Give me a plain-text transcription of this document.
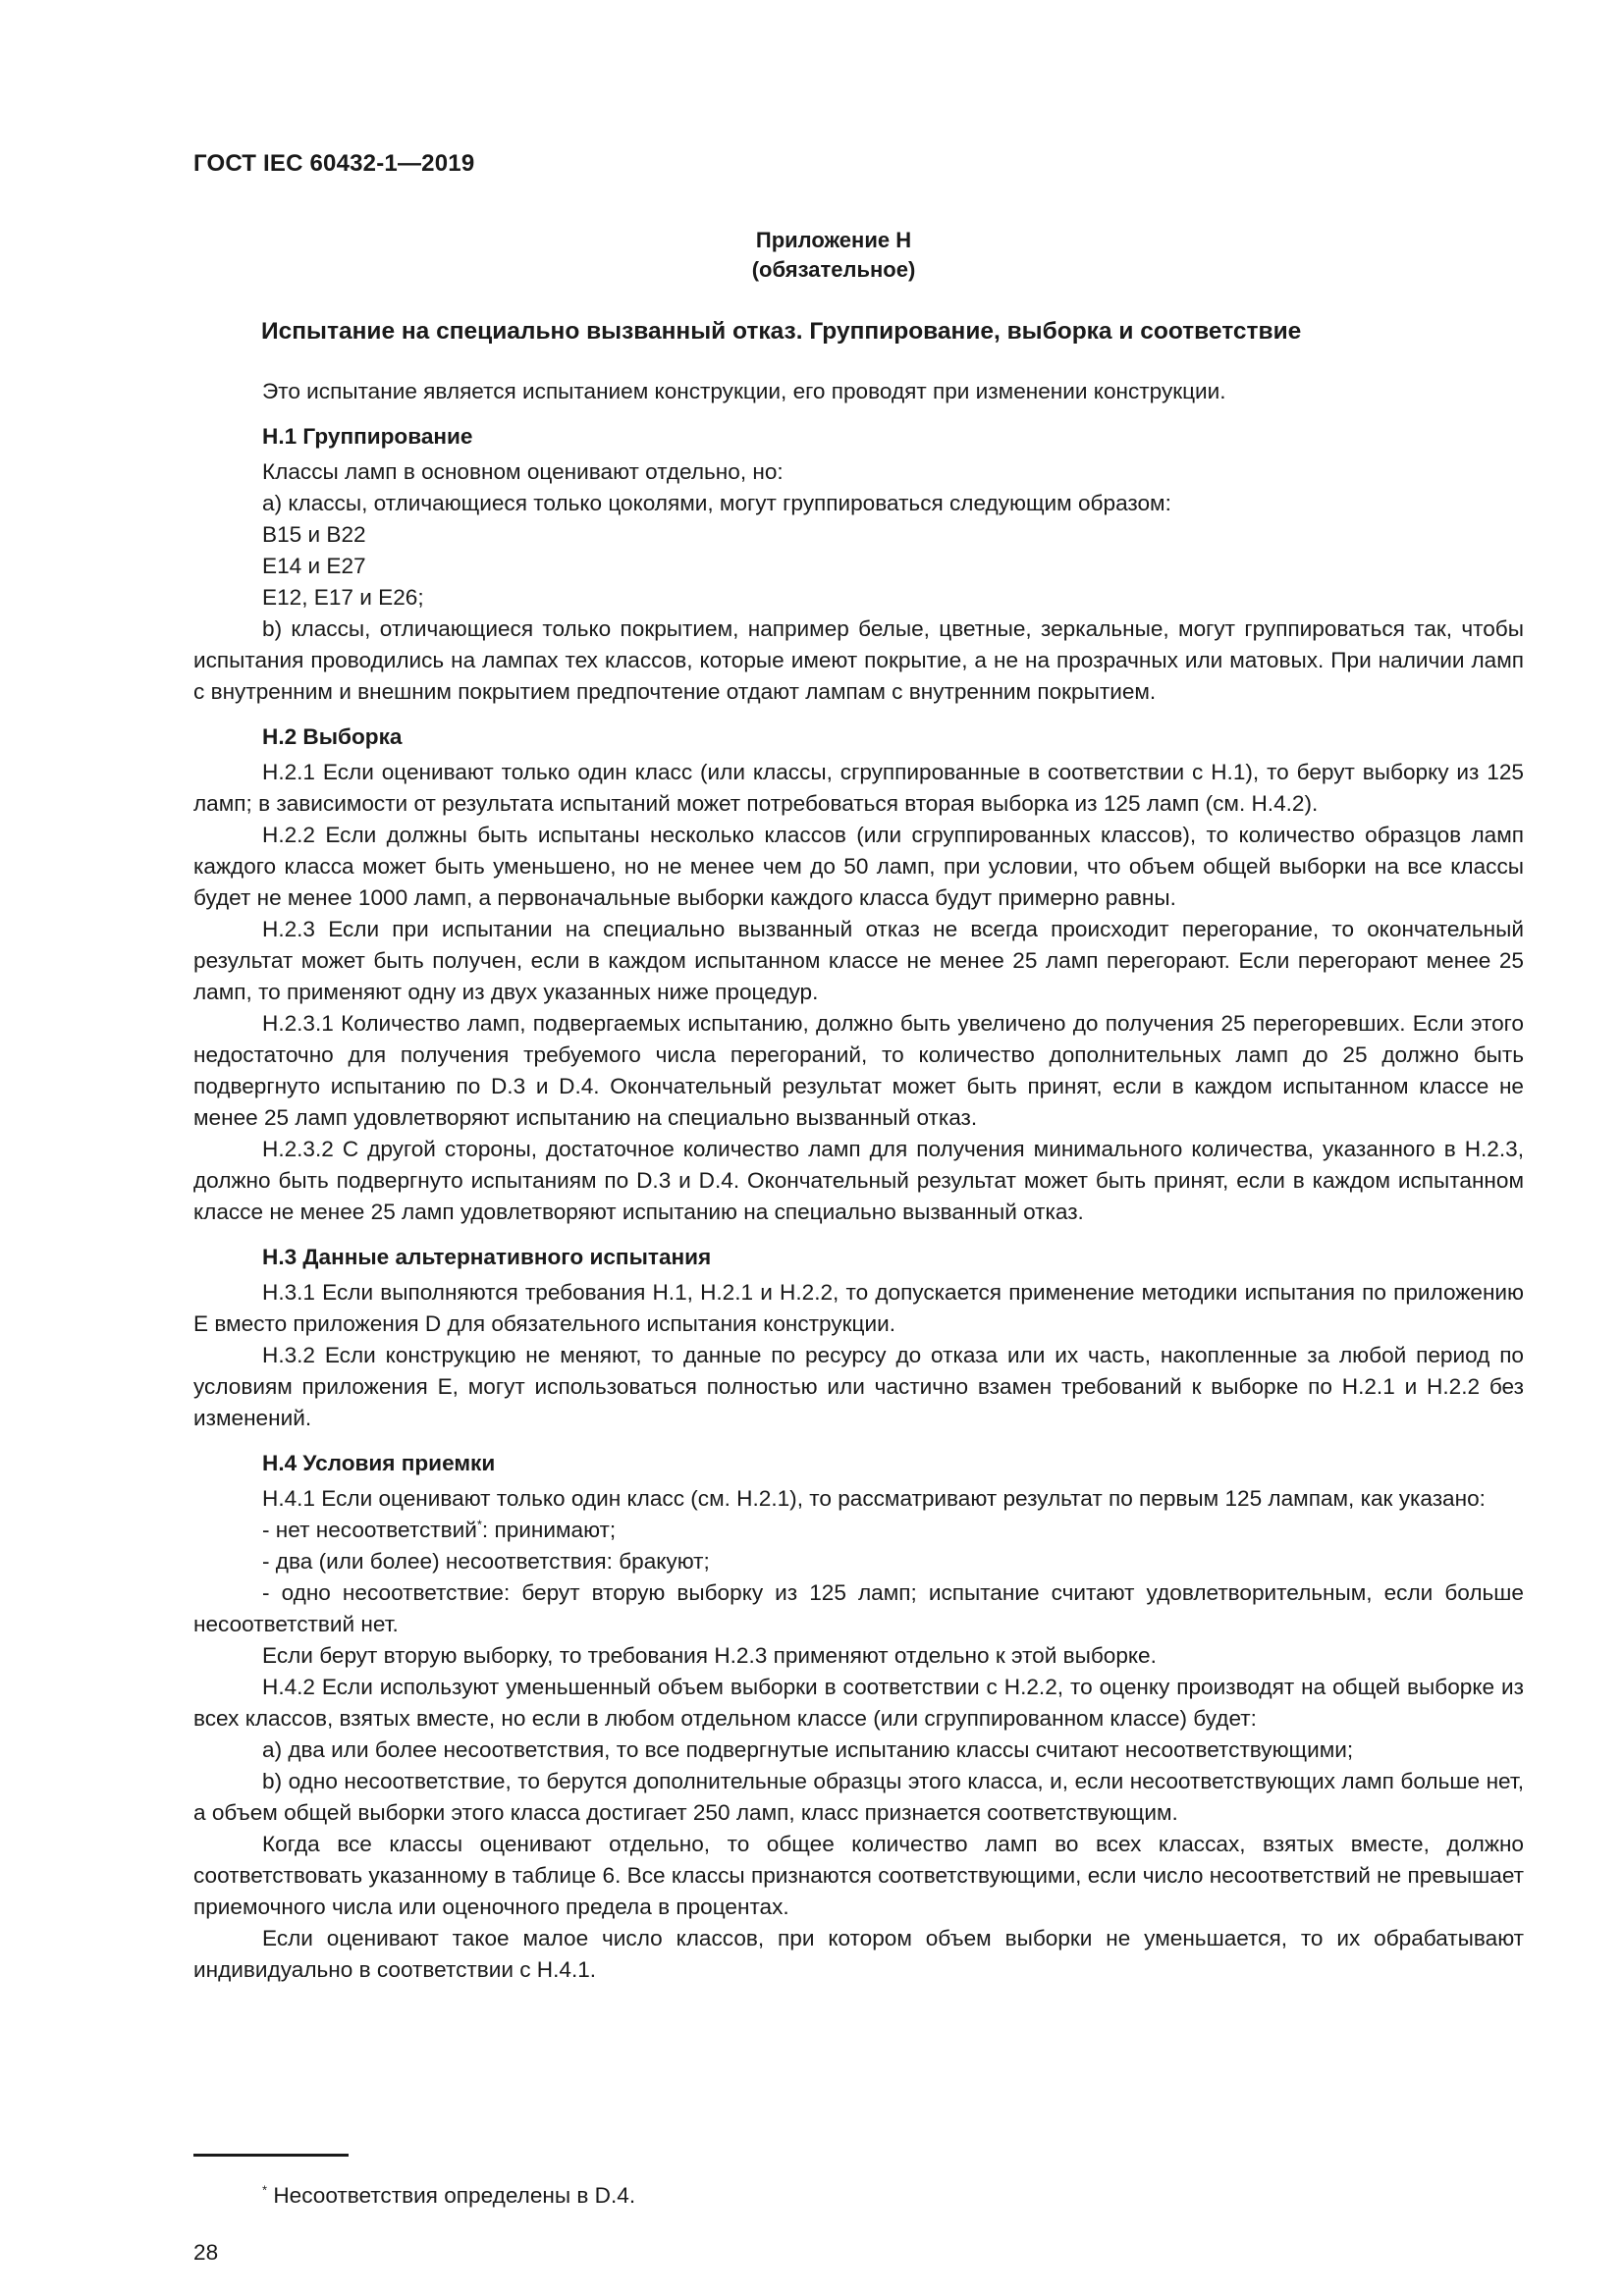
ГОСТ IEC 60432-1—2019
Приложение Н
(обязательное)
Испытание на специально вызванный отказ. Группирование, выборка и соответствие

Это испытание является испытанием конструкции, его проводят при изменении конструкции.

Н.1 Группирование

Классы ламп в основном оценивают отдельно, но:

a) классы, отличающиеся только цоколями, могут группироваться следующим образом:

В15 и В22

Е14 и Е27

Е12, Е17 и Е26;

b) классы, отличающиеся только покрытием, например белые, цветные, зеркальные, могут группироваться так, чтобы испытания проводились на лампах тех классов, которые имеют покрытие, а не на прозрачных или матовых. При наличии ламп с внутренним и внешним покрытием предпочтение отдают лампам с внутренним покрытием.

Н.2 Выборка

Н.2.1 Если оценивают только один класс (или классы, сгруппированные в соответствии с Н.1), то берут выборку из 125 ламп; в зависимости от результата испытаний может потребоваться вторая выборка из 125 ламп (см. Н.4.2).

Н.2.2 Если должны быть испытаны несколько классов (или сгруппированных классов), то количество образцов ламп каждого класса может быть уменьшено, но не менее чем до 50 ламп, при условии, что объем общей выборки на все классы будет не менее 1000 ламп, а первоначальные выборки каждого класса будут примерно равны.

Н.2.3 Если при испытании на специально вызванный отказ не всегда происходит перегорание, то окончательный результат может быть получен, если в каждом испытанном классе не менее 25 ламп перегорают. Если перегорают менее 25 ламп, то применяют одну из двух указанных ниже процедур.

Н.2.3.1 Количество ламп, подвергаемых испытанию, должно быть увеличено до получения 25 перегоревших. Если этого недостаточно для получения требуемого числа перегораний, то количество дополнительных ламп до 25 должно быть подвергнуто испытанию по D.3 и D.4. Окончательный результат может быть принят, если в каждом испытанном классе не менее 25 ламп удовлетворяют испытанию на специально вызванный отказ.

Н.2.3.2 С другой стороны, достаточное количество ламп для получения минимального количества, указанного в Н.2.3, должно быть подвергнуто испытаниям по D.3 и D.4. Окончательный результат может быть принят, если в каждом испытанном классе не менее 25 ламп удовлетворяют испытанию на специально вызванный отказ.

Н.3 Данные альтернативного испытания

Н.3.1 Если выполняются требования Н.1, Н.2.1 и Н.2.2, то допускается применение методики испытания по приложению Е вместо приложения D для обязательного испытания конструкции.

Н.3.2 Если конструкцию не меняют, то данные по ресурсу до отказа или их часть, накопленные за любой период по условиям приложения Е, могут использоваться полностью или частично взамен требований к выборке по Н.2.1 и Н.2.2 без изменений.

Н.4 Условия приемки

Н.4.1 Если оценивают только один класс (см. Н.2.1), то рассматривают результат по первым 125 лампам, как указано:

- нет несоответствий*: принимают;

- два (или более) несоответствия: бракуют;

- одно несоответствие: берут вторую выборку из 125 ламп; испытание считают удовлетворительным, если больше несоответствий нет.

Если берут вторую выборку, то требования Н.2.3 применяют отдельно к этой выборке.

Н.4.2 Если используют уменьшенный объем выборки в соответствии с Н.2.2, то оценку производят на общей выборке из всех классов, взятых вместе, но если в любом отдельном классе (или сгруппированном классе) будет:

a) два или более несоответствия, то все подвергнутые испытанию классы считают несоответствующими;

b) одно несоответствие, то берутся дополнительные образцы этого класса, и, если несоответствующих ламп больше нет, а объем общей выборки этого класса достигает 250 ламп, класс признается соответствующим.

Когда все классы оценивают отдельно, то общее количество ламп во всех классах, взятых вместе, должно соответствовать указанному в таблице 6. Все классы признаются соответствующими, если число несоответствий не превышает приемочного числа или оценочного предела в процентах.

Если оценивают такое малое число классов, при котором объем выборки не уменьшается, то их обрабатывают индивидуально в соответствии с Н.4.1.

* Несоответствия определены в D.4.
28
